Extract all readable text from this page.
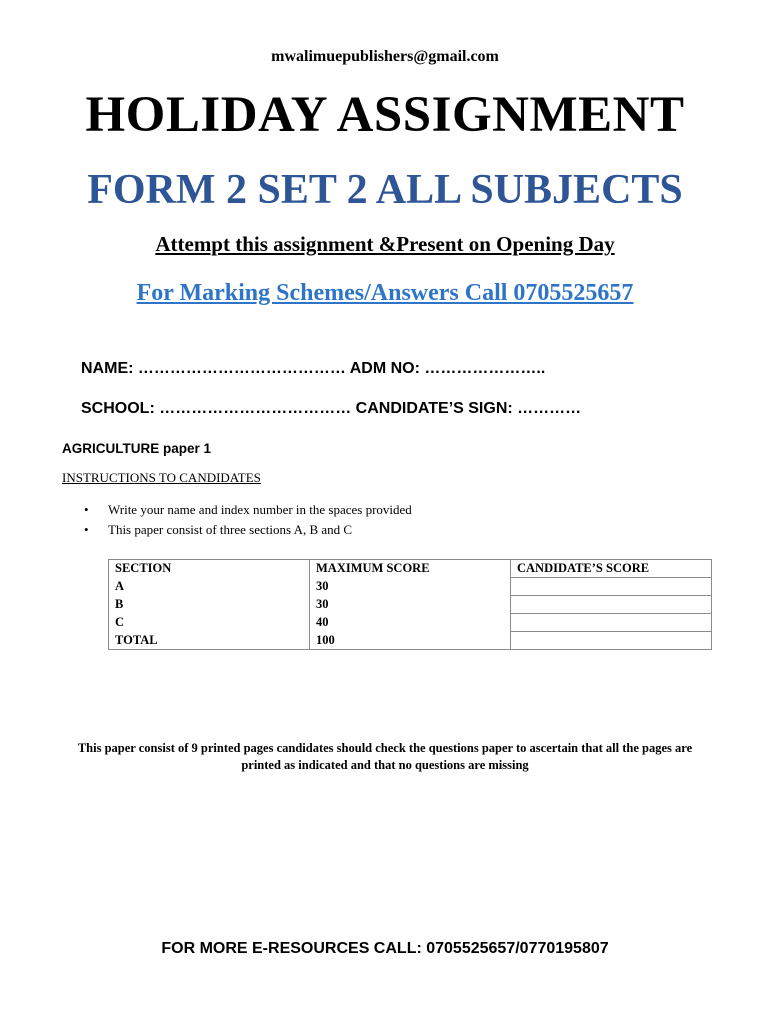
mwalimuepublishers@gmail.com
HOLIDAY ASSIGNMENT
FORM 2 SET 2 ALL SUBJECTS
Attempt this assignment &Present on Opening Day
For Marking Schemes/Answers Call 0705525657
NAME: ………………………………… ADM NO: …………………..
SCHOOL: ……………………………… CANDIDATE’S SIGN: …………
AGRICULTURE paper 1
INSTRUCTIONS TO CANDIDATES
• Write your name and index number in the spaces provided
• This paper consist of three sections A, B and C
SECTION	MAXIMUM SCORE	CANDIDATE’S SCORE
A	30	
B	30	
C	40	
TOTAL	100	
This paper consist of 9 printed pages candidates should check the questions paper to ascertain that all the pages are printed as indicated and that no questions are missing
FOR MORE E-RESOURCES CALL: 0705525657/0770195807
